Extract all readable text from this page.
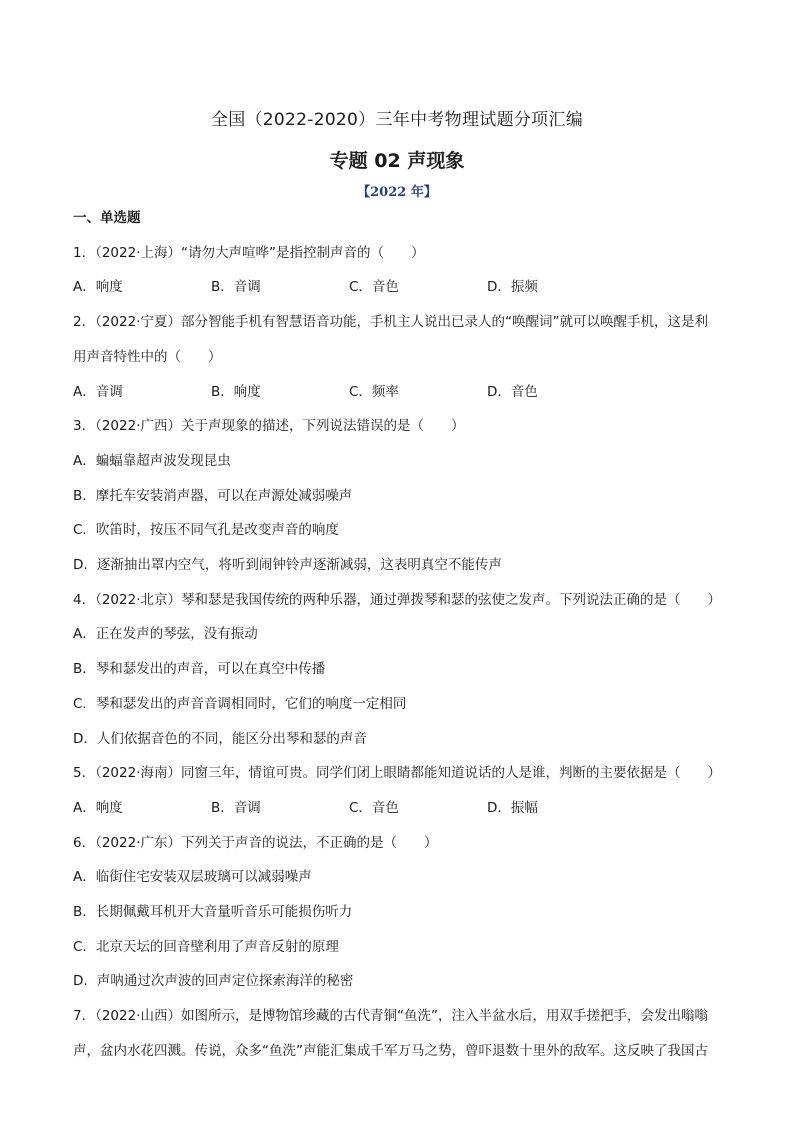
全国（2022-2020）三年中考物理试题分项汇编
专题 02 声现象
【2022 年】
一、单选题
1．（2022·上海）“请勿大声喧哗”是指控制声音的（　　）
A．响度	B．音调	C．音色	D．振频
2．（2022·宁夏）部分智能手机有智慧语音功能，手机主人说出已录人的“唤醒词”就可以唤醒手机，这是利
用声音特性中的（　　）
A．音调	B．响度	C．频率	D．音色
3．（2022·广西）关于声现象的描述，下列说法错误的是（　　）
A．蝙蝠靠超声波发现昆虫
B．摩托车安装消声器，可以在声源处减弱噪声
C．吹笛时，按压不同气孔是改变声音的响度
D．逐渐抽出罩内空气，将听到闹钟铃声逐渐减弱，这表明真空不能传声
4．（2022·北京）琴和瑟是我国传统的两种乐器，通过弹拨琴和瑟的弦使之发声。下列说法正确的是（　　）
A．正在发声的琴弦，没有振动
B．琴和瑟发出的声音，可以在真空中传播
C．琴和瑟发出的声音音调相同时，它们的响度一定相同
D．人们依据音色的不同，能区分出琴和瑟的声音
5．（2022·海南）同窗三年，情谊可贵。同学们闭上眼睛都能知道说话的人是谁，判断的主要依据是（　　）
A．响度	B．音调	C．音色	D．振幅
6．（2022·广东）下列关于声音的说法，不正确的是（　　）
A．临街住宅安装双层玻璃可以减弱噪声
B．长期佩戴耳机开大音量听音乐可能损伤听力
C．北京天坛的回音壁利用了声音反射的原理
D．声呐通过次声波的回声定位探索海洋的秘密
7．（2022·山西）如图所示，是博物馆珍藏的古代青铜“鱼洗”，注入半盆水后，用双手搓把手，会发出嗡嗡
声，盆内水花四溅。传说，众多“鱼洗”声能汇集成千军万马之势，曾吓退数十里外的敌军。这反映了我国古
